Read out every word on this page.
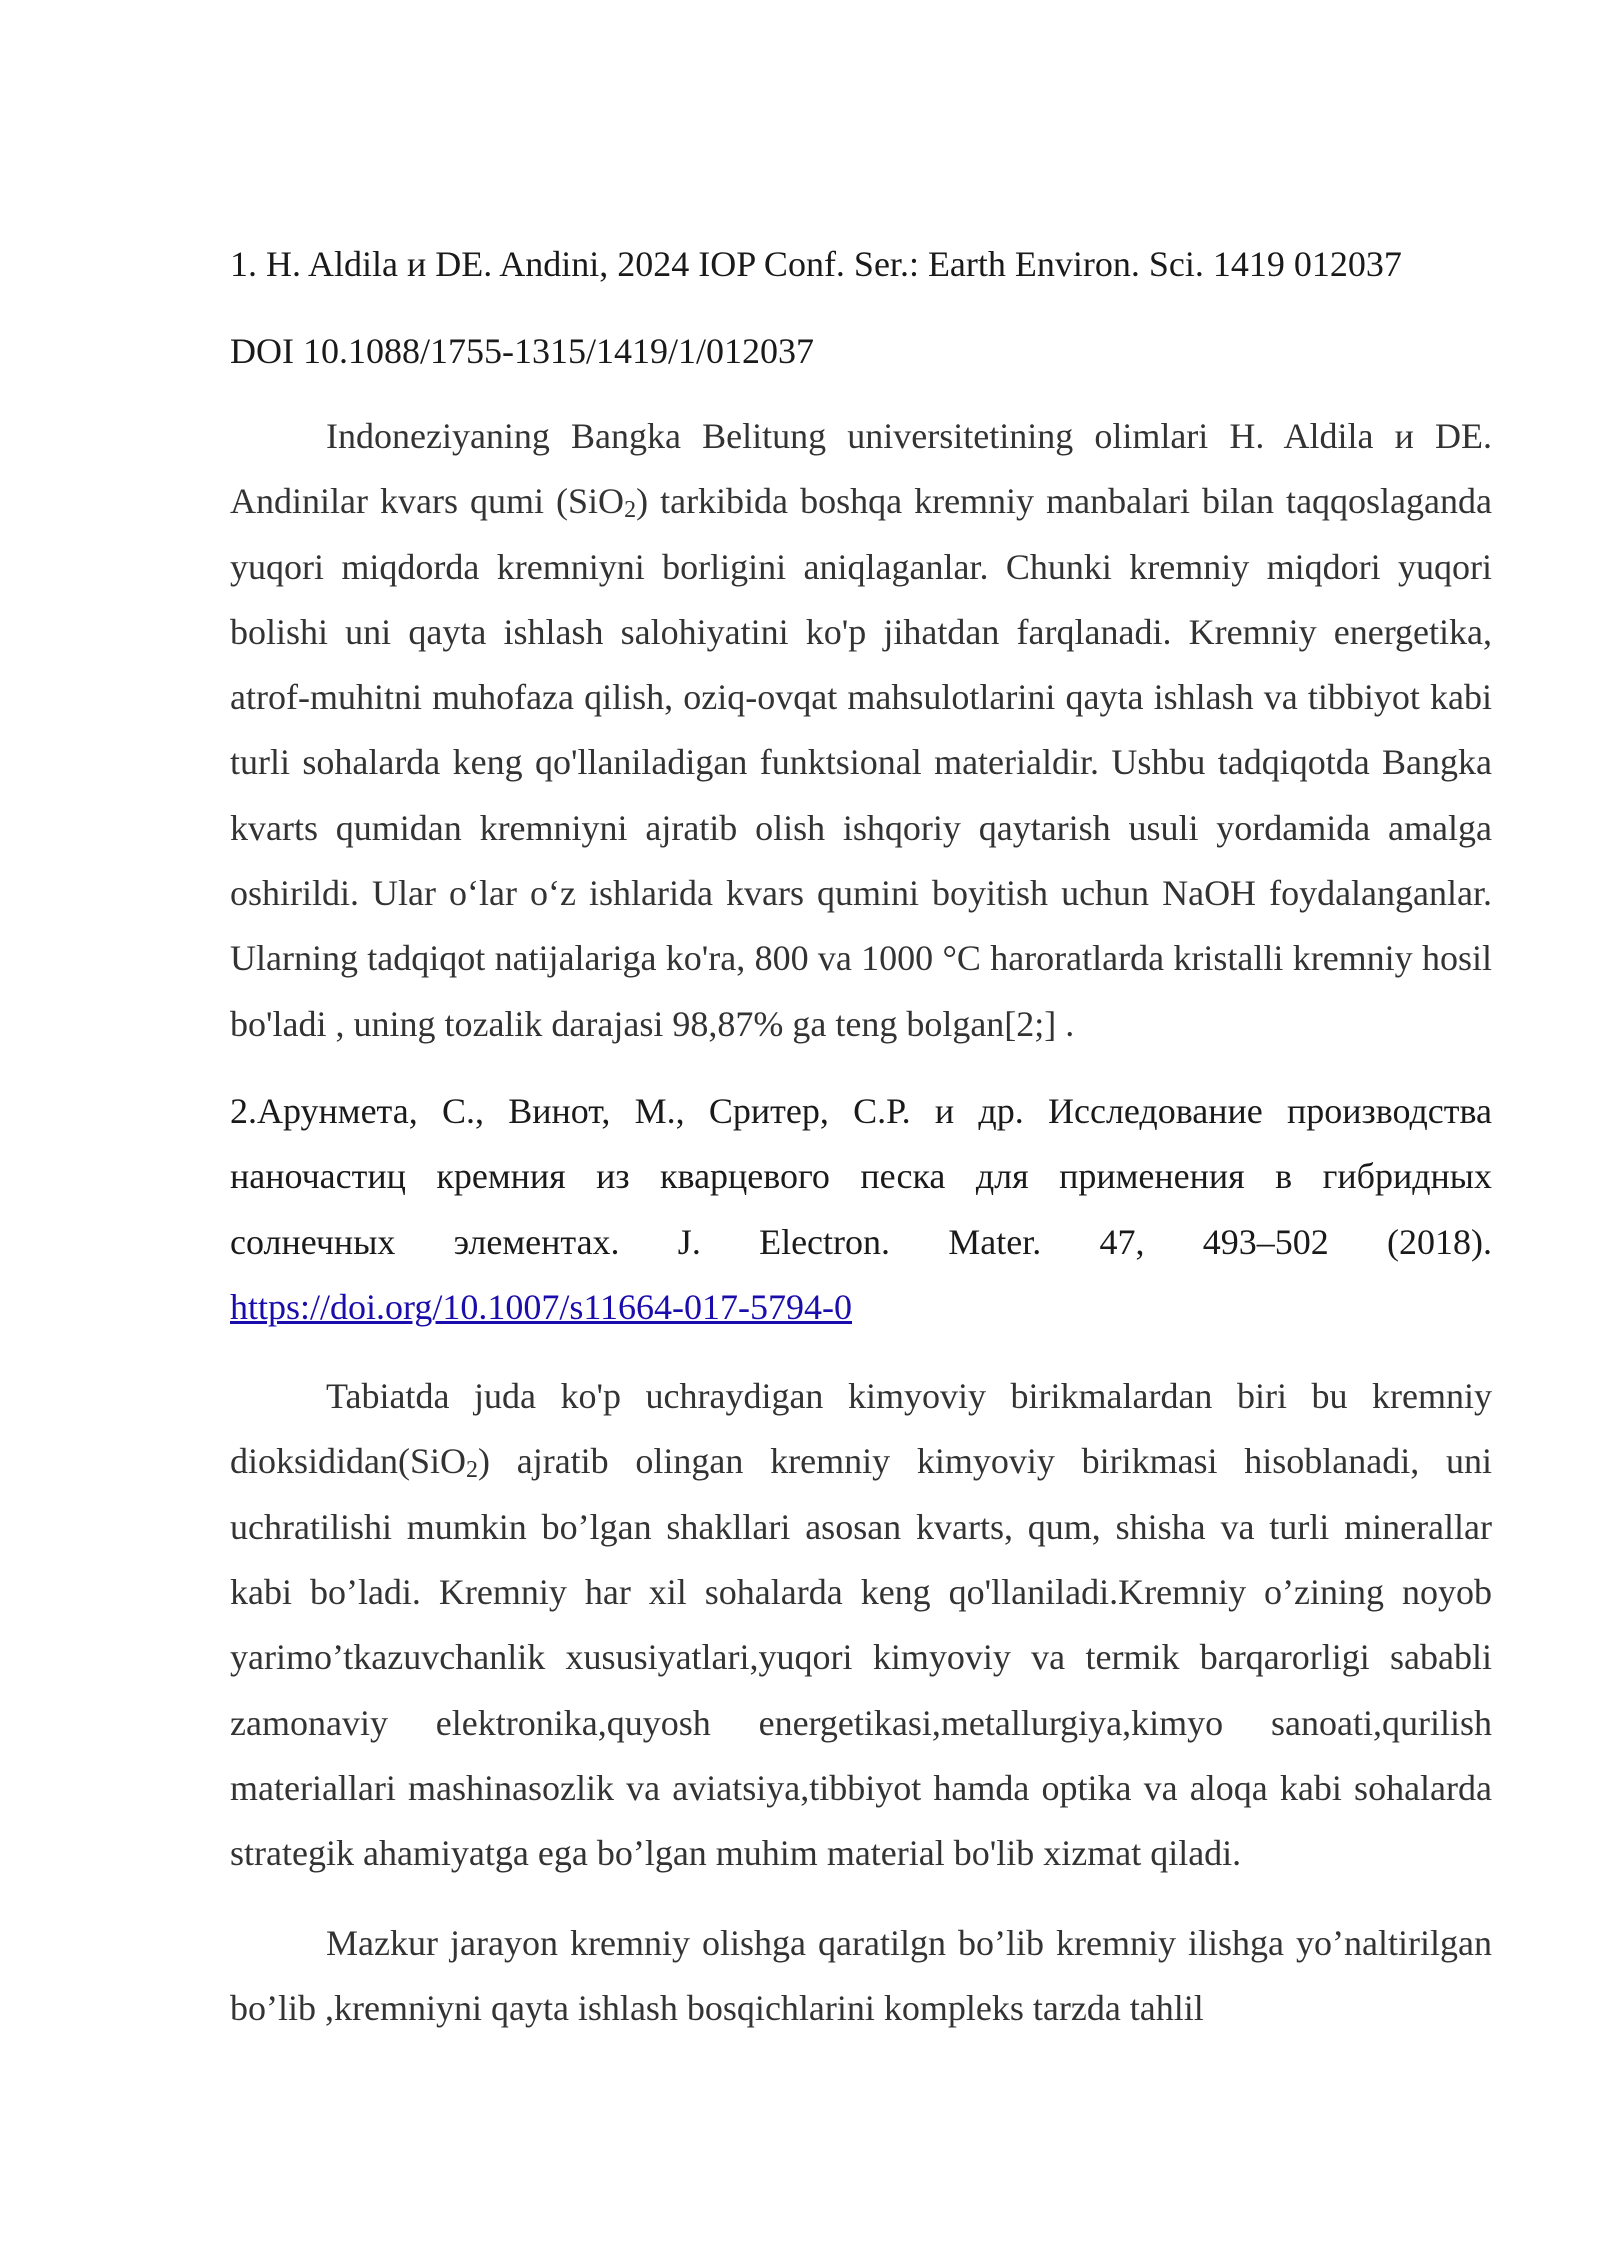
1. H. Aldila и DE. Andini, 2024 IOP Conf. Ser.: Earth Environ. Sci. 1419 012037

DOI 10.1088/1755-1315/1419/1/012037

Indoneziyaning Bangka Belitung universitetining olimlari H. Aldila и DE. Andinilar kvars qumi (SiO$_2$) tarkibida boshqa kremniy manbalari bilan taqqoslaganda yuqori miqdorda kremniyni borligini aniqlaganlar. Chunki kremniy miqdori yuqori bolishi uni qayta ishlash salohiyatini ko'p jihatdan farqlanadi. Kremniy energetika, atrof-muhitni muhofaza qilish, oziq-ovqat mahsulotlarini qayta ishlash va tibbiyot kabi turli sohalarda keng qo'llaniladigan funktsional materialdir. Ushbu tadqiqotda Bangka kvarts qumidan kremniyni ajratib olish ishqoriy qaytarish usuli yordamida amalga oshirildi. Ular o‘lar o‘z ishlarida kvars qumini boyitish uchun NaOH foydalanganlar. Ularning tadqiqot natijalariga ko'ra, 800 va 1000 °C haroratlarda kristalli kremniy hosil bo'ladi , uning tozalik darajasi 98,87% ga teng bolgan[2;] .

2.Арунмета, С., Винот, М., Сритер, С.Р. и др. Исследование производства наночастиц кремния из кварцевого песка для применения в гибридных солнечных элементах. J. Electron. Mater. 47, 493–502 (2018). https://doi.org/10.1007/s11664-017-5794-0

Tabiatda juda ko'p uchraydigan kimyoviy birikmalardan biri bu kremniy dioksididan(SiO$_2$) ajratib olingan kremniy kimyoviy birikmasi hisoblanadi, uni uchratilishi mumkin bo’lgan shakllari asosan kvarts, qum, shisha va turli minerallar kabi bo’ladi. Kremniy har xil sohalarda keng qo'llaniladi.Kremniy o’zining noyob yarimo’tkazuvchanlik xususiyatlari,yuqori kimyoviy va termik barqarorligi sababli zamonaviy elektronika,quyosh energetikasi,metallurgiya,kimyo sanoati,qurilish materiallari mashinasozlik va aviatsiya,tibbiyot hamda optika va aloqa kabi sohalarda strategik ahamiyatga ega bo’lgan muhim material bo'lib xizmat qiladi.

Mazkur jarayon kremniy olishga qaratilgn bo’lib kremniy ilishga yo’naltirilgan bo’lib ,kremniyni qayta ishlash bosqichlarini kompleks tarzda tahlil
